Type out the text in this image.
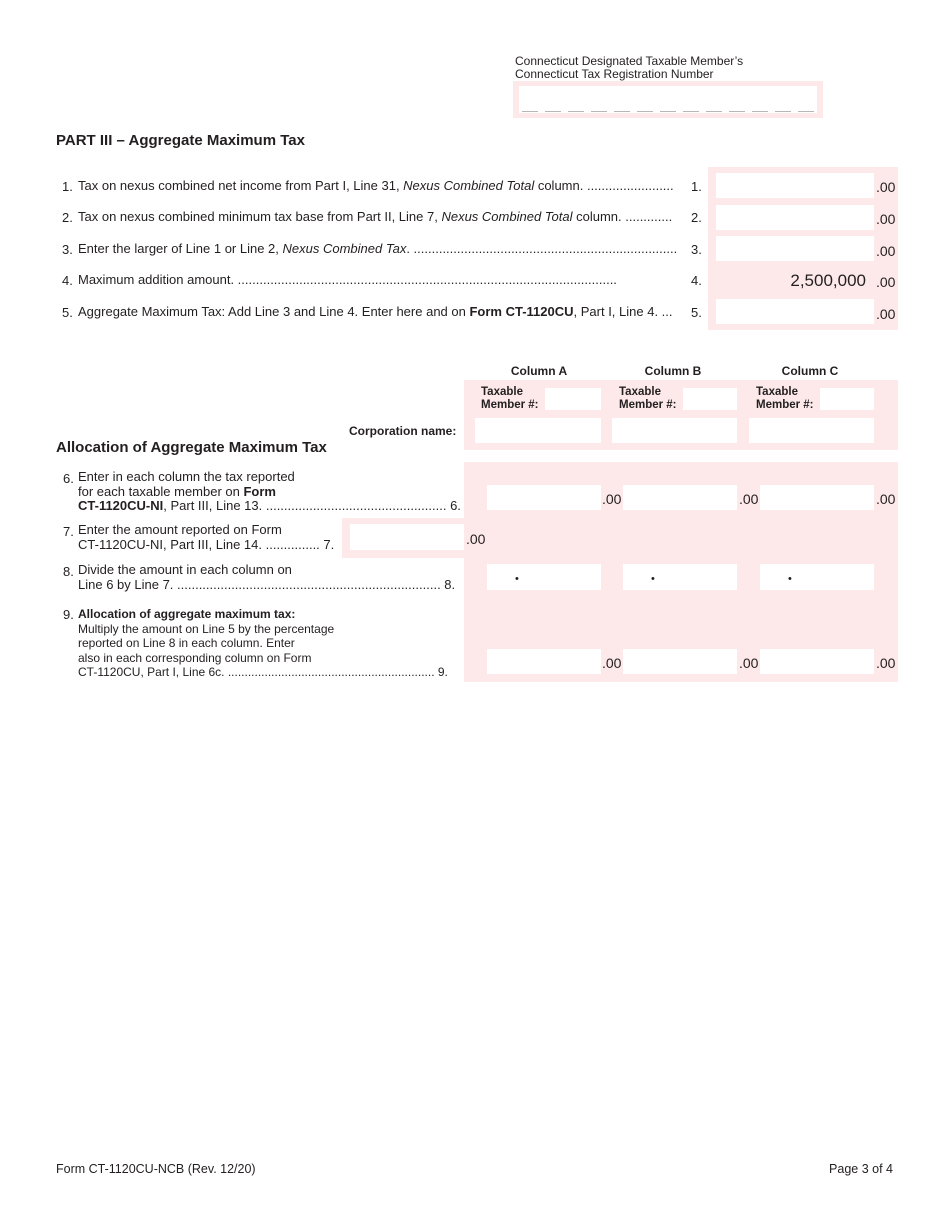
Connecticut Designated Taxable Member’s
Connecticut Tax Registration Number
PART III – Aggregate Maximum Tax
1. Tax on nexus combined net income from Part I, Line 31, Nexus Combined Total column. ........................ 1.	.00
2. Tax on nexus combined minimum tax base from Part II, Line 7, Nexus Combined Total column. ............. 2.	.00
3. Enter the larger of Line 1 or Line 2, Nexus Combined Tax. ......................................................................... 3.	.00
4. Maximum addition amount. .........................................................................................................	4.	2,500,000 .00
5. Aggregate Maximum Tax: Add Line 3 and Line 4. Enter here and on Form CT-1120CU, Part I, Line 4. ... 5.	.00
Column A	Column B	Column C
Taxable
Member #:
Taxable
Member #:
Taxable
Member #:
Corporation name:
Allocation of Aggregate Maximum Tax
6. Enter in each column the tax reported
for each taxable member on Form
CT-1120CU-NI, Part III, Line 13. .................................................. 6.	.00	.00	.00
7. Enter the amount reported on Form
CT-1120CU-NI, Part III, Line 14. ............... 7.	.00
8. Divide the amount in each column on
Line 6 by Line 7. ......................................................................... 8.	•	•	•
9. Allocation of aggregate maximum tax:
Multiply the amount on Line 5 by the percentage
reported on Line 8 in each column. Enter
also in each corresponding column on Form
CT-1120CU, Part I, Line 6c. .............................................................. 9.
.00	.00	.00
Form CT-1120CU-NCB (Rev. 12/20)	Page 3 of 4
